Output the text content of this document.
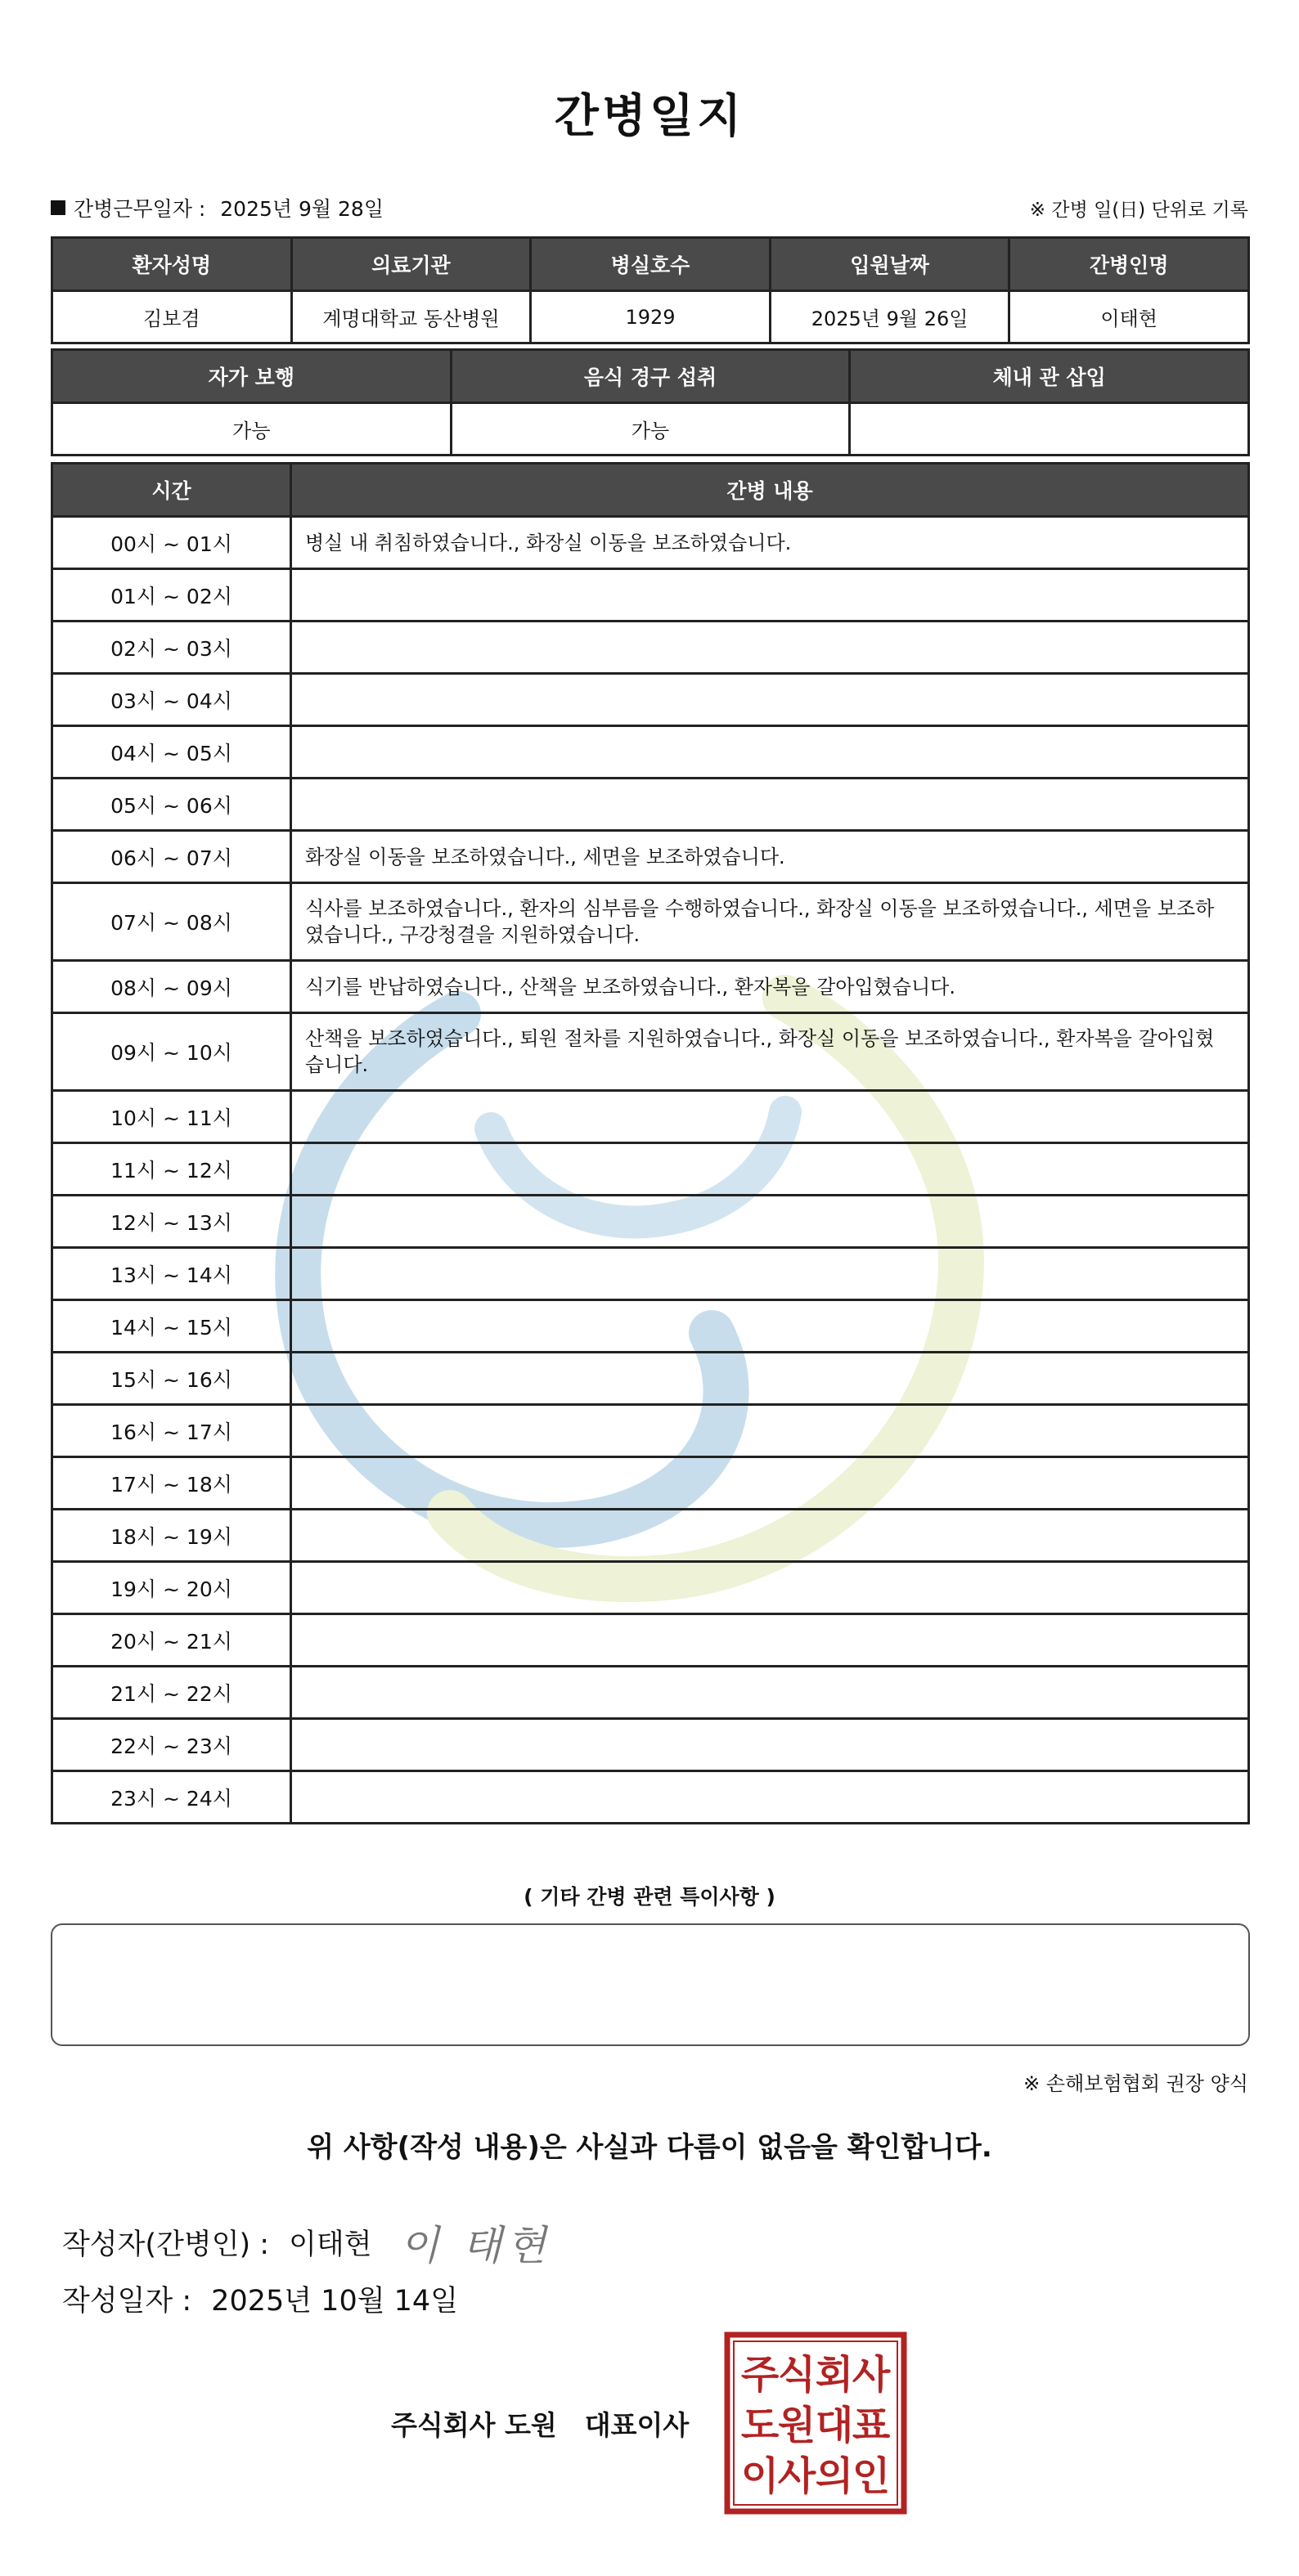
간병일지
간병근무일자 : 2025년 9월 28일	※ 간병 일(日) 단위로 기록
환자성명	의료기관	병실호수	입원날짜	간병인명
김보겸	계명대학교 동산병원	1929	2025년 9월 26일	이태현
자가 보행	음식 경구 섭취	체내 관 삽입
가능	가능	
시간	간병 내용
00시 ~ 01시	병실 내 취침하였습니다., 화장실 이동을 보조하였습니다.
01시 ~ 02시	
02시 ~ 03시	
03시 ~ 04시	
04시 ~ 05시	
05시 ~ 06시	
06시 ~ 07시	화장실 이동을 보조하였습니다., 세면을 보조하였습니다.
07시 ~ 08시	식사를 보조하였습니다., 환자의 심부름을 수행하였습니다., 화장실 이동을 보조하였습니다., 세면을 보조하였습니다., 구강청결을 지원하였습니다.
08시 ~ 09시	식기를 반납하였습니다., 산책을 보조하였습니다., 환자복을 갈아입혔습니다.
09시 ~ 10시	산책을 보조하였습니다., 퇴원 절차를 지원하였습니다., 화장실 이동을 보조하였습니다., 환자복을 갈아입혔습니다.
10시 ~ 11시	
11시 ~ 12시	
12시 ~ 13시	
13시 ~ 14시	
14시 ~ 15시	
15시 ~ 16시	
16시 ~ 17시	
17시 ~ 18시	
18시 ~ 19시	
19시 ~ 20시	
20시 ~ 21시	
21시 ~ 22시	
22시 ~ 23시	
23시 ~ 24시	
( 기타 간병 관련 특이사항 )
※ 손해보험협회 권장 양식
위 사항(작성 내용)은 사실과 다름이 없음을 확인합니다.
작성자(간병인) : 이태현 이 태현
작성일자 : 2025년 10월 14일
주식회사 도원 대표이사
주
식 회
사
도
원 대
표
이
사 의
인
